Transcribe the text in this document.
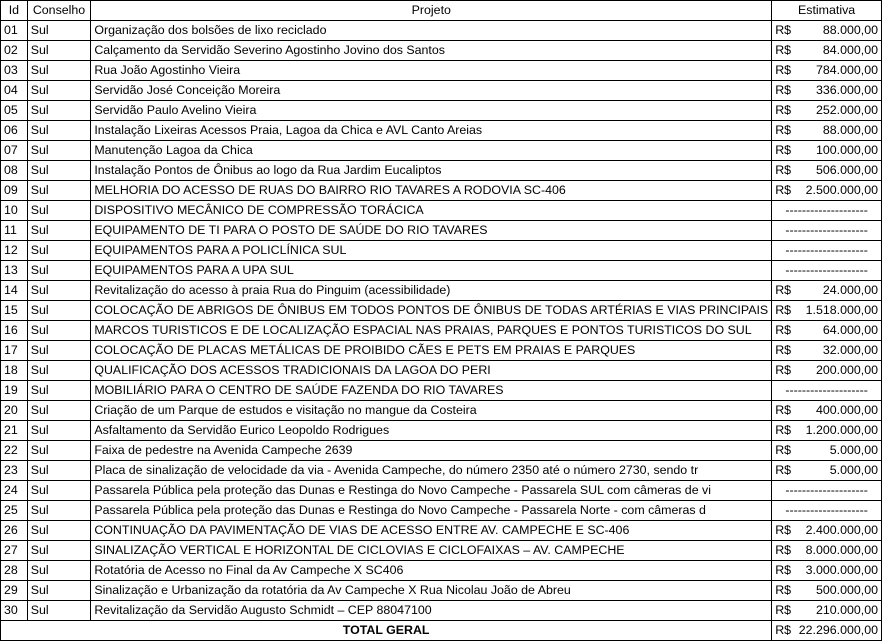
Id	Conselho	Projeto	Estimativa
01	Sul	Organização dos bolsões de lixo reciclado	R$ 88.000,00

02	Sul	Calçamento da Servidão Severino Agostinho Jovino dos Santos	R$ 84.000,00

03	Sul	Rua João Agostinho Vieira	R$ 784.000,00

04	Sul	Servidão José Conceição Moreira	R$ 336.000,00

05	Sul	Servidão Paulo Avelino Vieira	R$ 252.000,00

06	Sul	Instalação Lixeiras Acessos Praia, Lagoa da Chica e AVL Canto Areias	R$ 88.000,00

07	Sul	Manutenção Lagoa da Chica	R$ 100.000,00

08	Sul	Instalação Pontos de Ônibus ao logo da Rua Jardim Eucaliptos	R$ 506.000,00

09	Sul	MELHORIA DO ACESSO DE RUAS DO BAIRRO RIO TAVARES A RODOVIA SC-406	R$ 2.500.000,00

10	Sul	DISPOSITIVO MECÂNICO DE COMPRESSÃO TORÁCICA	--------------------

11	Sul	EQUIPAMENTO DE TI PARA O POSTO DE SAÚDE DO RIO TAVARES	--------------------

12	Sul	EQUIPAMENTOS PARA A POLICLÍNICA SUL	--------------------

13	Sul	EQUIPAMENTOS PARA A UPA SUL	--------------------

14	Sul	Revitalização do acesso à praia Rua do Pinguim (acessibilidade)	R$ 24.000,00

15	Sul	COLOCAÇÃO DE ABRIGOS DE ÔNIBUS EM TODOS PONTOS DE ÔNIBUS DE TODAS ARTÉRIAS E VIAS PRINCIPAIS	R$ 1.518.000,00

16	Sul	MARCOS TURISTICOS E DE LOCALIZAÇÃO ESPACIAL NAS PRAIAS, PARQUES E PONTOS TURISTICOS DO SUL	R$ 64.000,00

17	Sul	COLOCAÇÃO DE PLACAS METÁLICAS DE PROIBIDO CÃES E PETS EM PRAIAS E PARQUES	R$ 32.000,00

18	Sul	QUALIFICAÇÃO DOS ACESSOS TRADICIONAIS DA LAGOA DO PERI	R$ 200.000,00

19	Sul	MOBILIÁRIO PARA O CENTRO DE SAÚDE FAZENDA DO RIO TAVARES	--------------------

20	Sul	Criação de um Parque de estudos e visitação no mangue da Costeira	R$ 400.000,00

21	Sul	Asfaltamento da Servidão Eurico Leopoldo Rodrigues	R$ 1.200.000,00

22	Sul	Faixa de pedestre na Avenida Campeche 2639	R$ 5.000,00

23	Sul	Placa de sinalização de velocidade da via - Avenida Campeche, do número 2350 até o número 2730, sendo tr	R$ 5.000,00

24	Sul	Passarela Pública pela proteção das Dunas e Restinga do Novo Campeche - Passarela SUL com câmeras de vi	--------------------

25	Sul	Passarela Pública pela proteção das Dunas e Restinga do Novo Campeche - Passarela Norte - com câmeras d	--------------------

26	Sul	CONTINUAÇÃO DA PAVIMENTAÇÃO DE VIAS DE ACESSO ENTRE AV. CAMPECHE E SC-406	R$ 2.400.000,00

27	Sul	SINALIZAÇÃO VERTICAL E HORIZONTAL DE CICLOVIAS E CICLOFAIXAS – AV. CAMPECHE	R$ 8.000.000,00

28	Sul	Rotatória de Acesso no Final da Av Campeche X SC406	R$ 3.000.000,00

29	Sul	Sinalização e Urbanização da rotatória da Av Campeche X Rua Nicolau João de Abreu	R$ 500.000,00

30	Sul	Revitalização da Servidão Augusto Schmidt – CEP 88047100	R$ 210.000,00

TOTAL GERAL			R$ 22.296.000,00
